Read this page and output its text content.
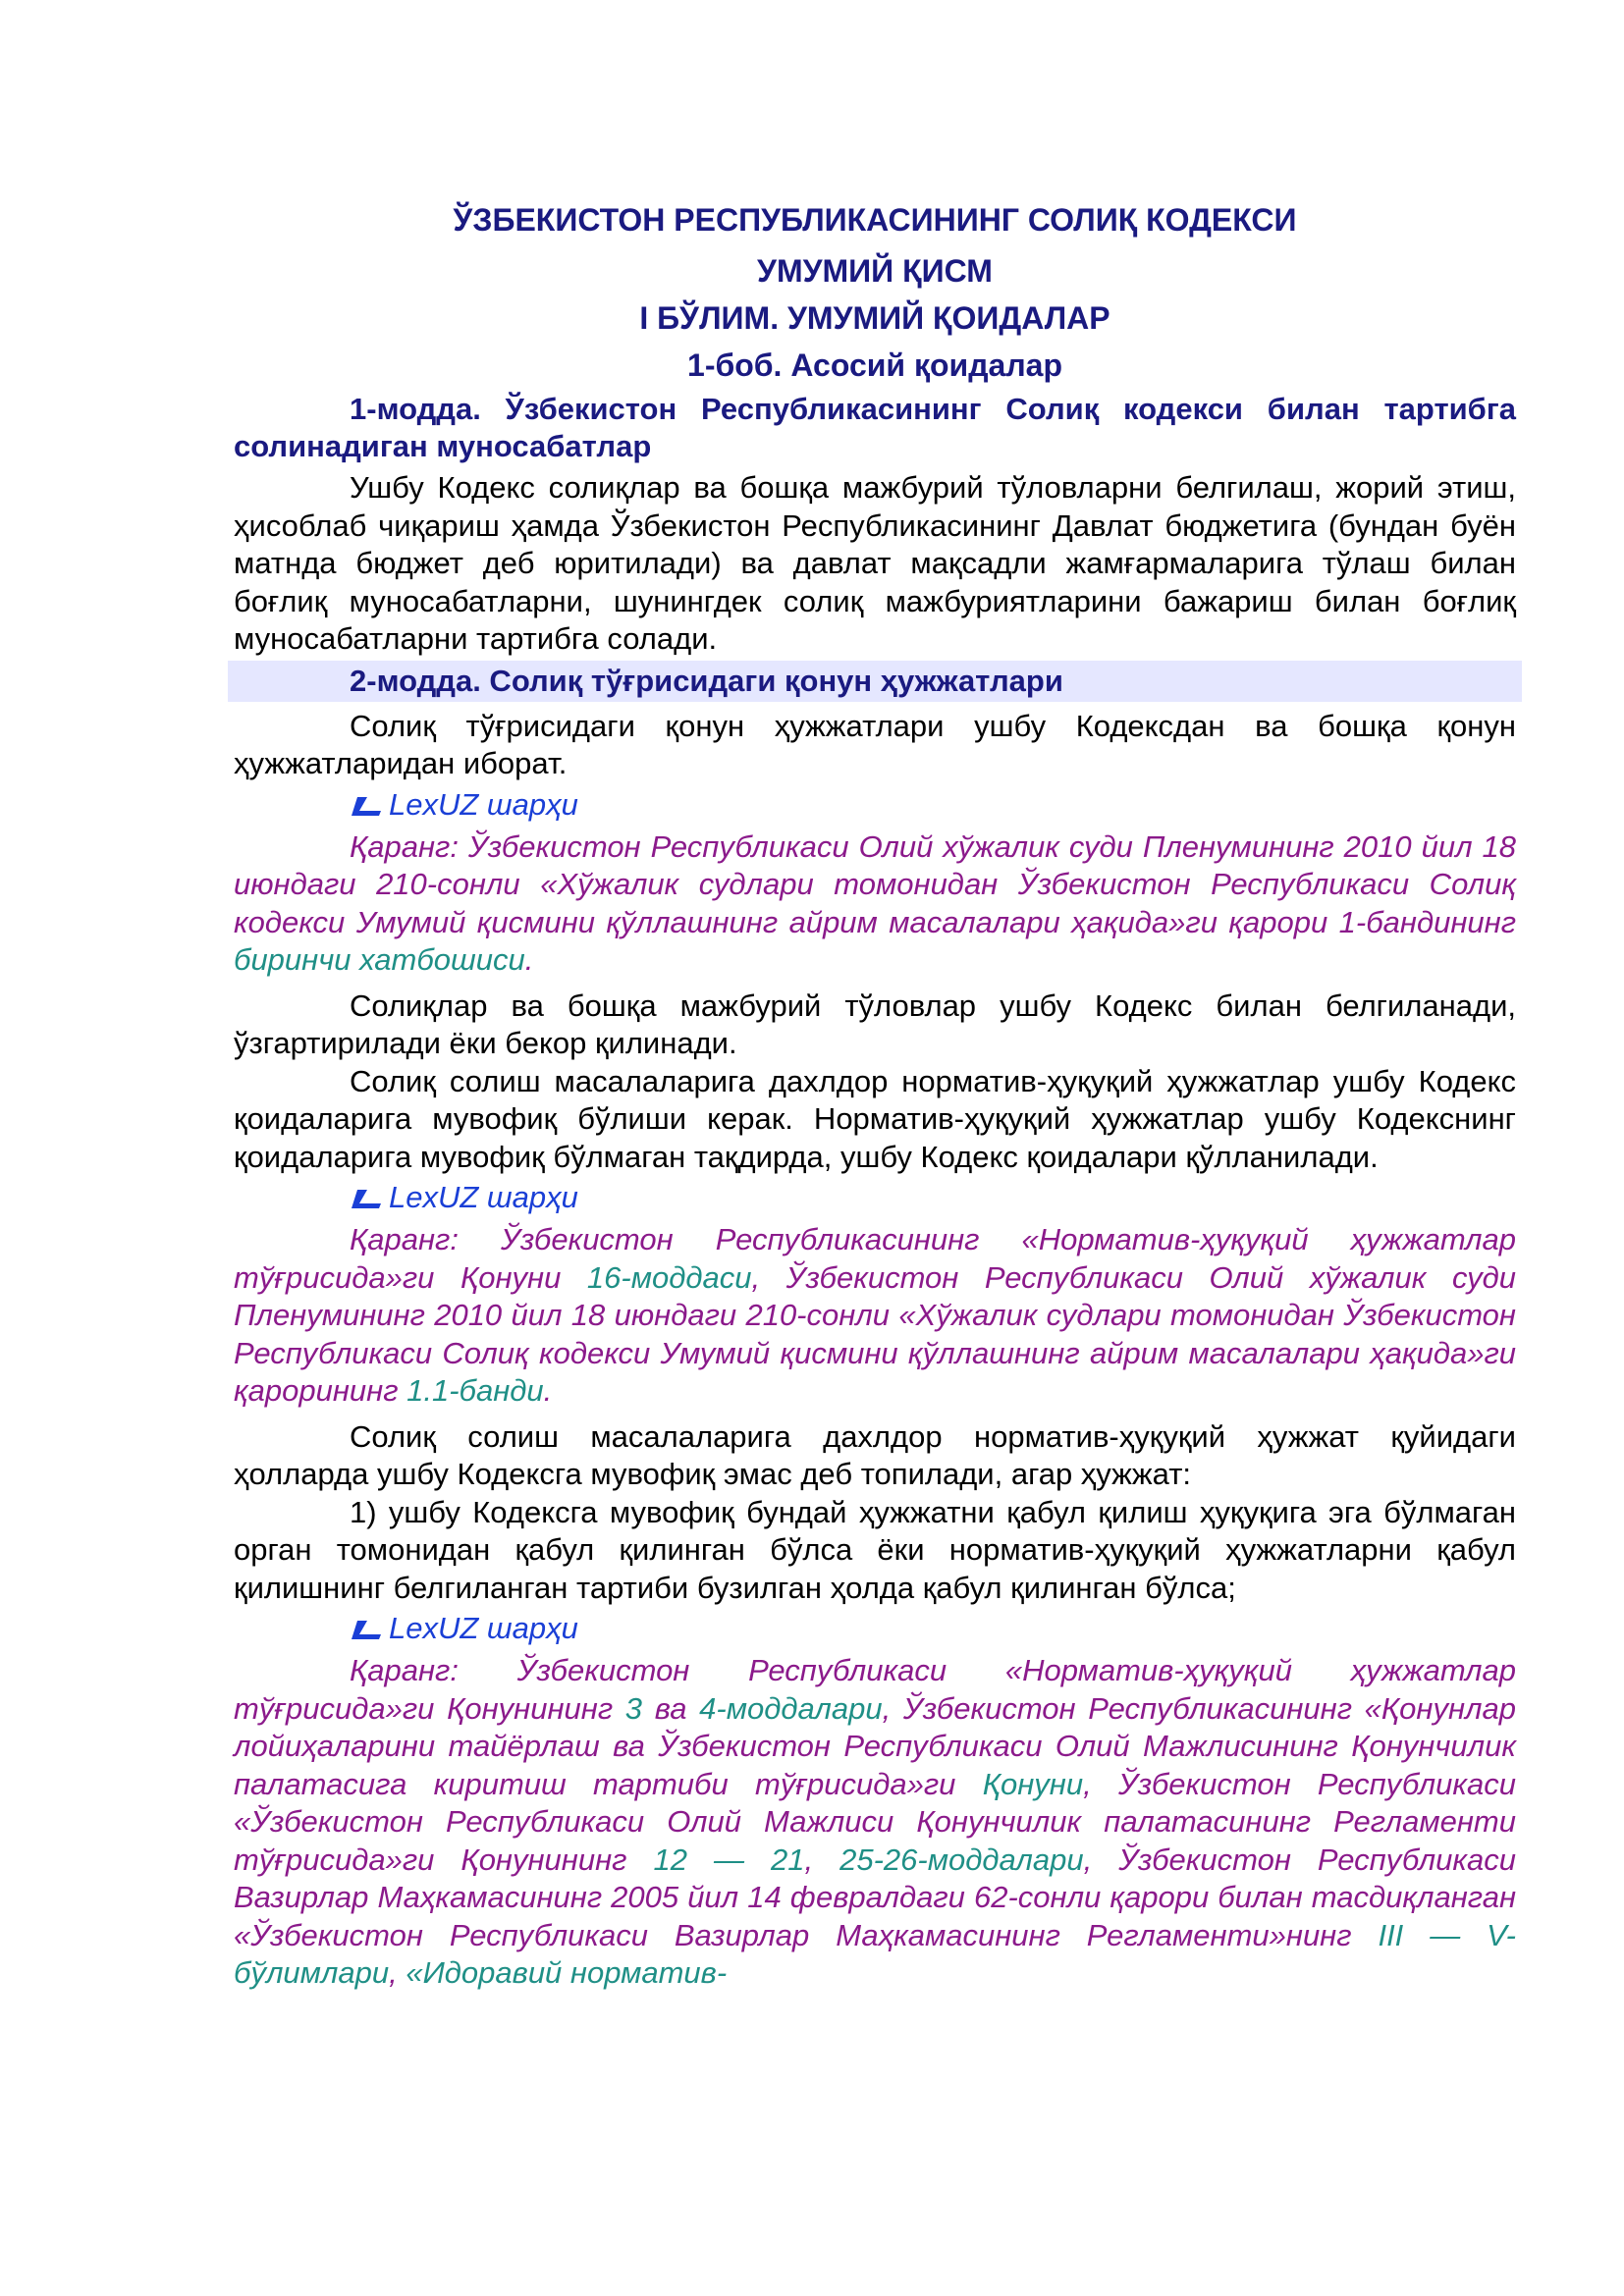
ЎЗБЕКИСТОН РЕСПУБЛИКАСИНИНГ СОЛИҚ КОДЕКСИ

УМУМИЙ ҚИСМ

I БЎЛИМ. УМУМИЙ ҚОИДАЛАР

1-боб. Асосий қоидалар

1-модда. Ўзбекистон Республикасининг Солиқ кодекси билан тартибга солинадиган муносабатлар

Ушбу Кодекс солиқлар ва бошқа мажбурий тўловларни белгилаш, жорий этиш, ҳисоблаб чиқариш ҳамда Ўзбекистон Республикасининг Давлат бюджетига (бундан буён матнда бюджет деб юритилади) ва давлат мақсадли жамғармаларига тўлаш билан боғлиқ муносабатларни, шунингдек солиқ мажбуриятларини бажариш билан боғлиқ муносабатларни тартибга солади.

2-модда. Солиқ тўғрисидаги қонун ҳужжатлари

Солиқ тўғрисидаги қонун ҳужжатлари ушбу Кодексдан ва бошқа қонун ҳужжатларидан иборат.

LexUZ шарҳи

Қаранг: Ўзбекистон Республикаси Олий хўжалик суди Пленумининг 2010 йил 18 июндаги 210-сонли «Хўжалик судлари томонидан Ўзбекистон Республикаси Солиқ кодекси Умумий қисмини қўллашнинг айрим масалалари ҳақида»ги қарори 1-бандининг биринчи хатбошиси.

Солиқлар ва бошқа мажбурий тўловлар ушбу Кодекс билан белгиланади, ўзгартирилади ёки бекор қилинади.

Солиқ солиш масалаларига дахлдор норматив-ҳуқуқий ҳужжатлар ушбу Кодекс қоидаларига мувофиқ бўлиши керак. Норматив-ҳуқуқий ҳужжатлар ушбу Кодекснинг қоидаларига мувофиқ бўлмаган тақдирда, ушбу Кодекс қоидалари қўлланилади.

LexUZ шарҳи

Қаранг: Ўзбекистон Республикасининг «Норматив-ҳуқуқий ҳужжатлар тўғрисида»ги Қонуни 16-моддаси, Ўзбекистон Республикаси Олий хўжалик суди Пленумининг 2010 йил 18 июндаги 210-сонли «Хўжалик судлари томонидан Ўзбекистон Республикаси Солиқ кодекси Умумий қисмини қўллашнинг айрим масалалари ҳақида»ги қарорининг 1.1-банди.

Солиқ солиш масалаларига дахлдор норматив-ҳуқуқий ҳужжат қуйидаги ҳолларда ушбу Кодексга мувофиқ эмас деб топилади, агар ҳужжат:

1) ушбу Кодексга мувофиқ бундай ҳужжатни қабул қилиш ҳуқуқига эга бўлмаган орган томонидан қабул қилинган бўлса ёки норматив-ҳуқуқий ҳужжатларни қабул қилишнинг белгиланган тартиби бузилган ҳолда қабул қилинган бўлса;

LexUZ шарҳи

Қаранг: Ўзбекистон Республикаси «Норматив-ҳуқуқий ҳужжатлар тўғрисида»ги Қонунининг 3 ва 4-моддалари, Ўзбекистон Республикасининг «Қонунлар лойиҳаларини тайёрлаш ва Ўзбекистон Республикаси Олий Мажлисининг Қонунчилик палатасига киритиш тартиби тўғрисида»ги Қонуни, Ўзбекистон Республикаси «Ўзбекистон Республикаси Олий Мажлиси Қонунчилик палатасининг Регламенти тўғрисида»ги Қонунининг 12 — 21, 25-26-моддалари, Ўзбекистон Республикаси Вазирлар Маҳкамасининг 2005 йил 14 февралдаги 62-сонли қарори билан тасдиқланган «Ўзбекистон Республикаси Вазирлар Маҳкамасининг Регламенти»нинг III — V-бўлимлари, «Идоравий норматив-
